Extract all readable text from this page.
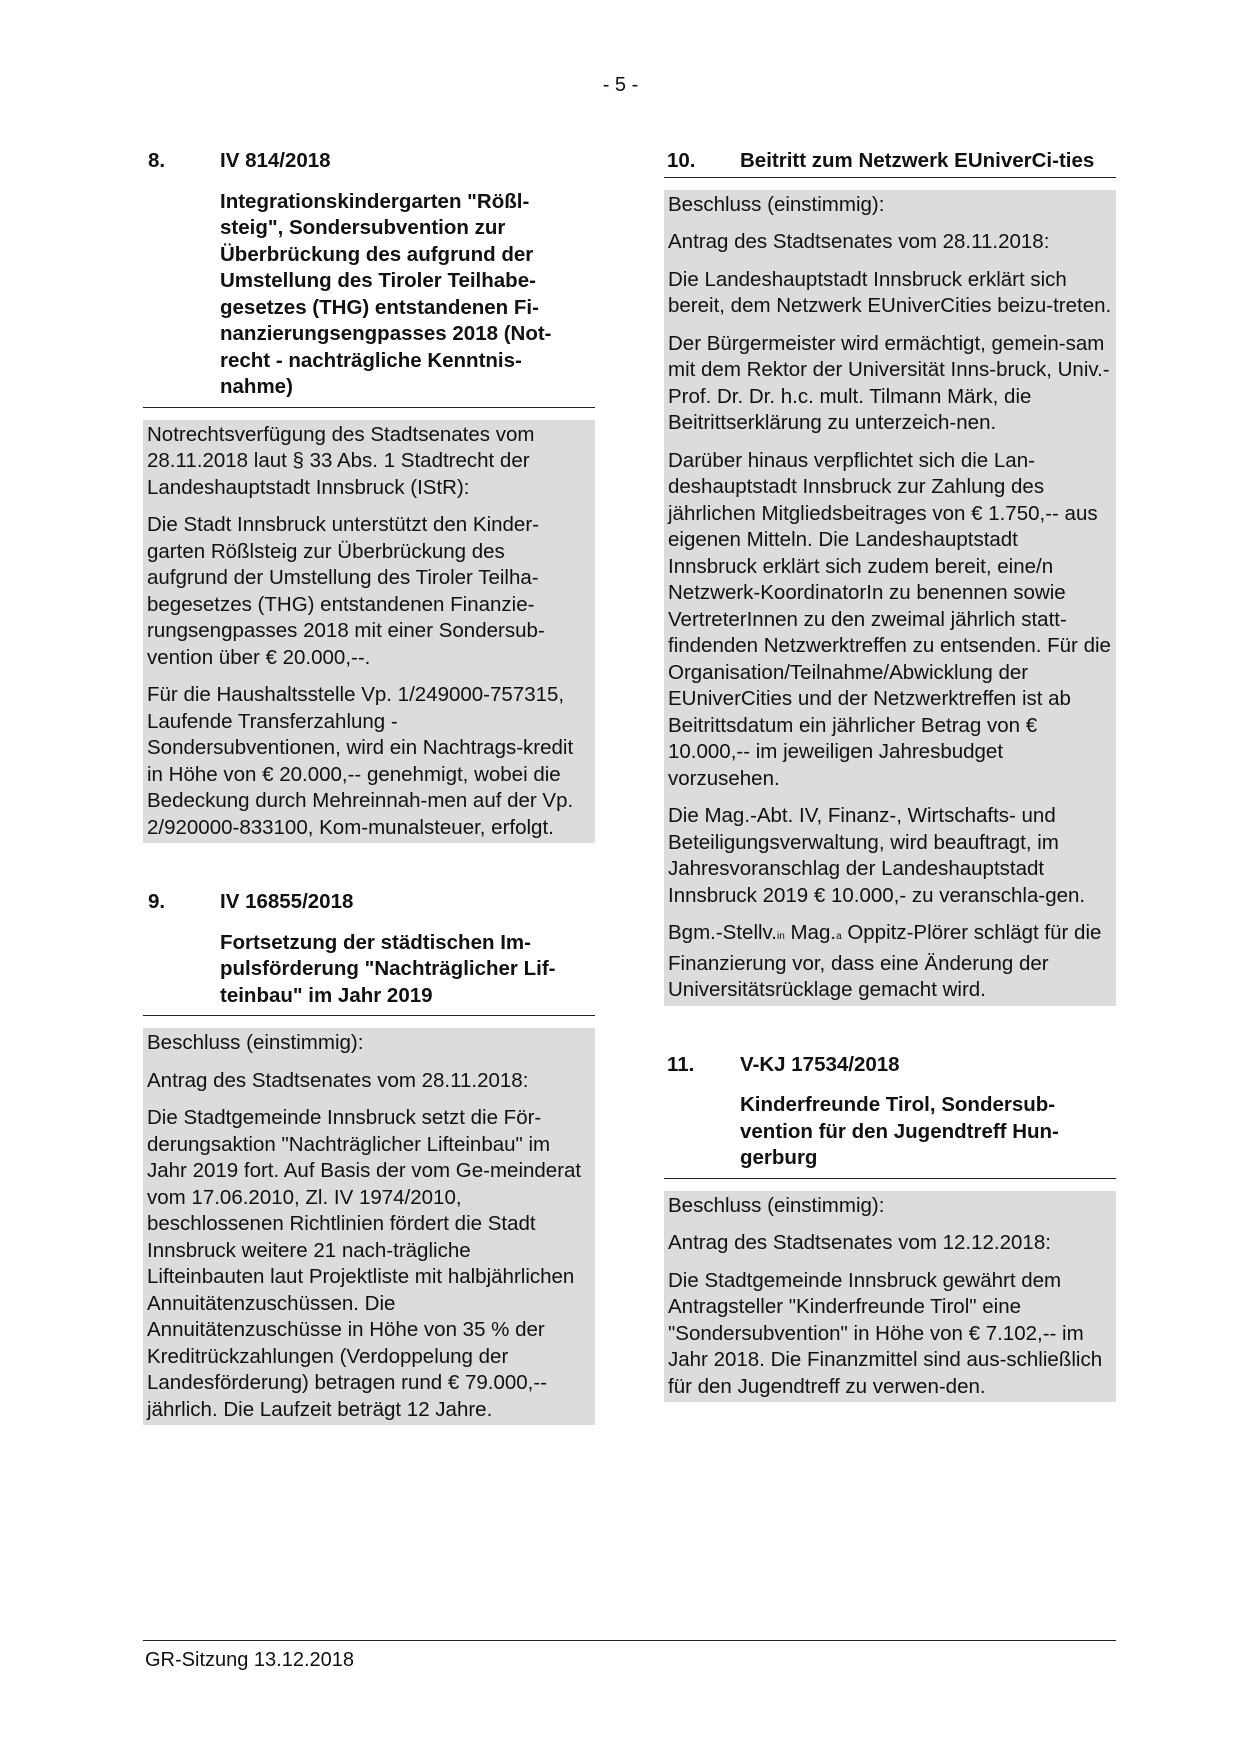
- 5 -
8.	IV 814/2018
Integrationskindergarten "Rößl-steig", Sondersubvention zur Überbrückung des aufgrund der Umstellung des Tiroler Teilhabe-gesetzes (THG) entstandenen Fi-nanzierungsengpasses 2018 (Not-recht - nachträgliche Kenntnis-nahme)

Notrechtsverfügung des Stadtsenates vom 28.11.2018 laut § 33 Abs. 1 Stadtrecht der Landeshauptstadt Innsbruck (IStR):

Die Stadt Innsbruck unterstützt den Kinder-garten Rößlsteig zur Überbrückung des aufgrund der Umstellung des Tiroler Teilha-begesetzes (THG) entstandenen Finanzie-rungsengpasses 2018 mit einer Sondersub-vention über € 20.000,--.

Für die Haushaltsstelle Vp. 1/249000-757315, Laufende Transferzahlung - Sondersubventionen, wird ein Nachtrags-kredit in Höhe von € 20.000,-- genehmigt, wobei die Bedeckung durch Mehreinnah-men auf der Vp. 2/920000-833100, Kom-munalsteuer, erfolgt.

9.	IV 16855/2018
Fortsetzung der städtischen Im-pulsförderung "Nachträglicher Lif-teinbau" im Jahr 2019

Beschluss (einstimmig):

Antrag des Stadtsenates vom 28.11.2018:

Die Stadtgemeinde Innsbruck setzt die För-derungsaktion "Nachträglicher Lifteinbau" im Jahr 2019 fort. Auf Basis der vom Ge-meinderat vom 17.06.2010, Zl. IV 1974/2010, beschlossenen Richtlinien fördert die Stadt Innsbruck weitere 21 nach-trägliche Lifteinbauten laut Projektliste mit halbjährlichen Annuitätenzuschüssen. Die Annuitätenzuschüsse in Höhe von 35 % der Kreditrückzahlungen (Verdoppelung der Landesförderung) betragen rund € 79.000,-- jährlich. Die Laufzeit beträgt 12 Jahre.

10. Beitritt zum Netzwerk EUniverCi-ties

Beschluss (einstimmig):

Antrag des Stadtsenates vom 28.11.2018:

Die Landeshauptstadt Innsbruck erklärt sich bereit, dem Netzwerk EUniverCities beizu-treten.

Der Bürgermeister wird ermächtigt, gemein-sam mit dem Rektor der Universität Inns-bruck, Univ.-Prof. Dr. Dr. h.c. mult. Tilmann Märk, die Beitrittserklärung zu unterzeich-nen.

Darüber hinaus verpflichtet sich die Lan-deshauptstadt Innsbruck zur Zahlung des jährlichen Mitgliedsbeitrages von € 1.750,-- aus eigenen Mitteln. Die Landeshauptstadt Innsbruck erklärt sich zudem bereit, eine/n Netzwerk-KoordinatorIn zu benennen sowie VertreterInnen zu den zweimal jährlich statt-findenden Netzwerktreffen zu entsenden. Für die Organisation/Teilnahme/Abwicklung der EUniverCities und der Netzwerktreffen ist ab Beitrittsdatum ein jährlicher Betrag von € 10.000,-- im jeweiligen Jahresbudget vorzusehen.

Die Mag.-Abt. IV, Finanz-, Wirtschafts- und Beteiligungsverwaltung, wird beauftragt, im Jahresvoranschlag der Landeshauptstadt Innsbruck 2019 € 10.000,- zu veranschla-gen.

Bgm.-Stellv.in Mag.a Oppitz-Plörer schlägt für die Finanzierung vor, dass eine Änderung der Universitätsrücklage gemacht wird.

11. V-KJ 17534/2018
Kinderfreunde Tirol, Sondersub-vention für den Jugendtreff Hun-gerburg

Beschluss (einstimmig):

Antrag des Stadtsenates vom 12.12.2018:

Die Stadtgemeinde Innsbruck gewährt dem Antragsteller "Kinderfreunde Tirol" eine "Sondersubvention" in Höhe von € 7.102,-- im Jahr 2018. Die Finanzmittel sind aus-schließlich für den Jugendtreff zu verwen-den.

GR-Sitzung 13.12.2018
